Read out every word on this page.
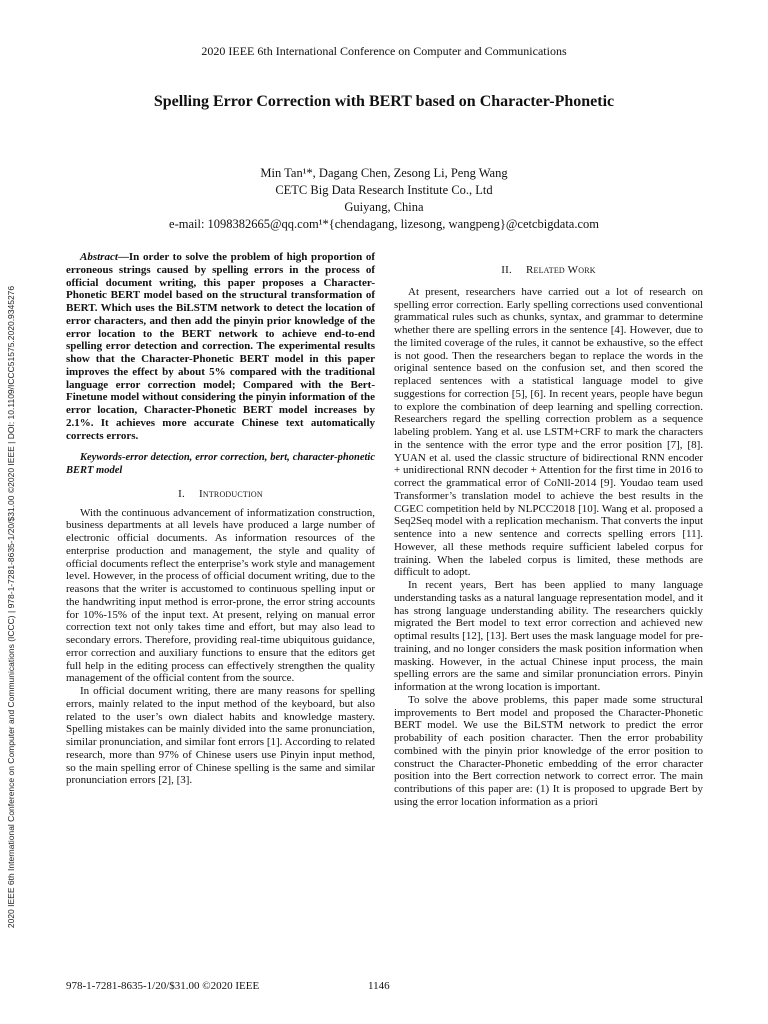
2020 IEEE 6th International Conference on Computer and Communications
Spelling Error Correction with BERT based on Character-Phonetic
Min Tan¹*, Dagang Chen, Zesong Li, Peng Wang
CETC Big Data Research Institute Co., Ltd
Guiyang, China
e-mail: 1098382665@qq.com¹*{chendagang, lizesong, wangpeng}@cetcbigdata.com
2020 IEEE 6th International Conference on Computer and Communications (ICCC) | 978-1-7281-8635-1/20/$31.00 ©2020 IEEE | DOI: 10.1109/ICCC51575.2020.9345276

Abstract—In order to solve the problem of high proportion of erroneous strings caused by spelling errors in the process of official document writing, this paper proposes a Character-Phonetic BERT model based on the structural transformation of BERT. Which uses the BiLSTM network to detect the location of error characters, and then add the pinyin prior knowledge of the error location to the BERT network to achieve end-to-end spelling error detection and correction. The experimental results show that the Character-Phonetic BERT model in this paper improves the effect by about 5% compared with the traditional language error correction model; Compared with the Bert-Finetune model without considering the pinyin information of the error location, Character-Phonetic BERT model increases by 2.1%. It achieves more accurate Chinese text automatically corrects errors.

Keywords-error detection, error correction, bert, character-phonetic BERT model

I. Introduction

With the continuous advancement of informatization construction, business departments at all levels have produced a large number of electronic official documents. As information resources of the enterprise production and management, the style and quality of official documents reflect the enterprise’s work style and management level. However, in the process of official document writing, due to the reasons that the writer is accustomed to continuous spelling input or the handwriting input method is error-prone, the error string accounts for 10%-15% of the input text. At present, relying on manual error correction text not only takes time and effort, but may also lead to secondary errors. Therefore, providing real-time ubiquitous guidance, error correction and auxiliary functions to ensure that the editors get full help in the editing process can effectively strengthen the quality management of the official content from the source.

In official document writing, there are many reasons for spelling errors, mainly related to the input method of the keyboard, but also related to the user’s own dialect habits and knowledge mastery. Spelling mistakes can be mainly divided into the same pronunciation, similar pronunciation, and similar font errors [1]. According to related research, more than 97% of Chinese users use Pinyin input method, so the main spelling error of Chinese spelling is the same and similar pronunciation errors [2], [3].

II. Related Work

At present, researchers have carried out a lot of research on spelling error correction. Early spelling corrections used conventional grammatical rules such as chunks, syntax, and grammar to determine whether there are spelling errors in the sentence [4]. However, due to the limited coverage of the rules, it cannot be exhaustive, so the effect is not good. Then the researchers began to replace the words in the original sentence based on the confusion set, and then scored the replaced sentences with a statistical language model to give suggestions for correction [5], [6]. In recent years, people have begun to explore the combination of deep learning and spelling correction. Researchers regard the spelling correction problem as a sequence labeling problem. Yang et al. use LSTM+CRF to mark the characters in the sentence with the error type and the error position [7], [8]. YUAN et al. used the classic structure of bidirectional RNN encoder + unidirectional RNN decoder + Attention for the first time in 2016 to correct the grammatical error of CoNll-2014 [9]. Youdao team used Transformer’s translation model to achieve the best results in the CGEC competition held by NLPCC2018 [10]. Wang et al. proposed a Seq2Seq model with a replication mechanism. That converts the input sentence into a new sentence and corrects spelling errors [11]. However, all these methods require sufficient labeled corpus for training. When the labeled corpus is limited, these methods are difficult to adopt.

In recent years, Bert has been applied to many language understanding tasks as a natural language representation model, and it has strong language understanding ability. The researchers quickly migrated the Bert model to text error correction and achieved new optimal results [12], [13]. Bert uses the mask language model for pre-training, and no longer considers the mask position information when masking. However, in the actual Chinese input process, the main spelling errors are the same and similar pronunciation errors. Pinyin information at the wrong location is important.

To solve the above problems, this paper made some structural improvements to Bert model and proposed the Character-Phonetic BERT model. We use the BiLSTM network to predict the error probability of each position character. Then the error probability combined with the pinyin prior knowledge of the error position to construct the Character-Phonetic embedding of the error character position into the Bert correction network to correct error. The main contributions of this paper are: (1) It is proposed to upgrade Bert by using the error location information as a priori

978-1-7281-8635-1/20/$31.00 ©2020 IEEE	1146
